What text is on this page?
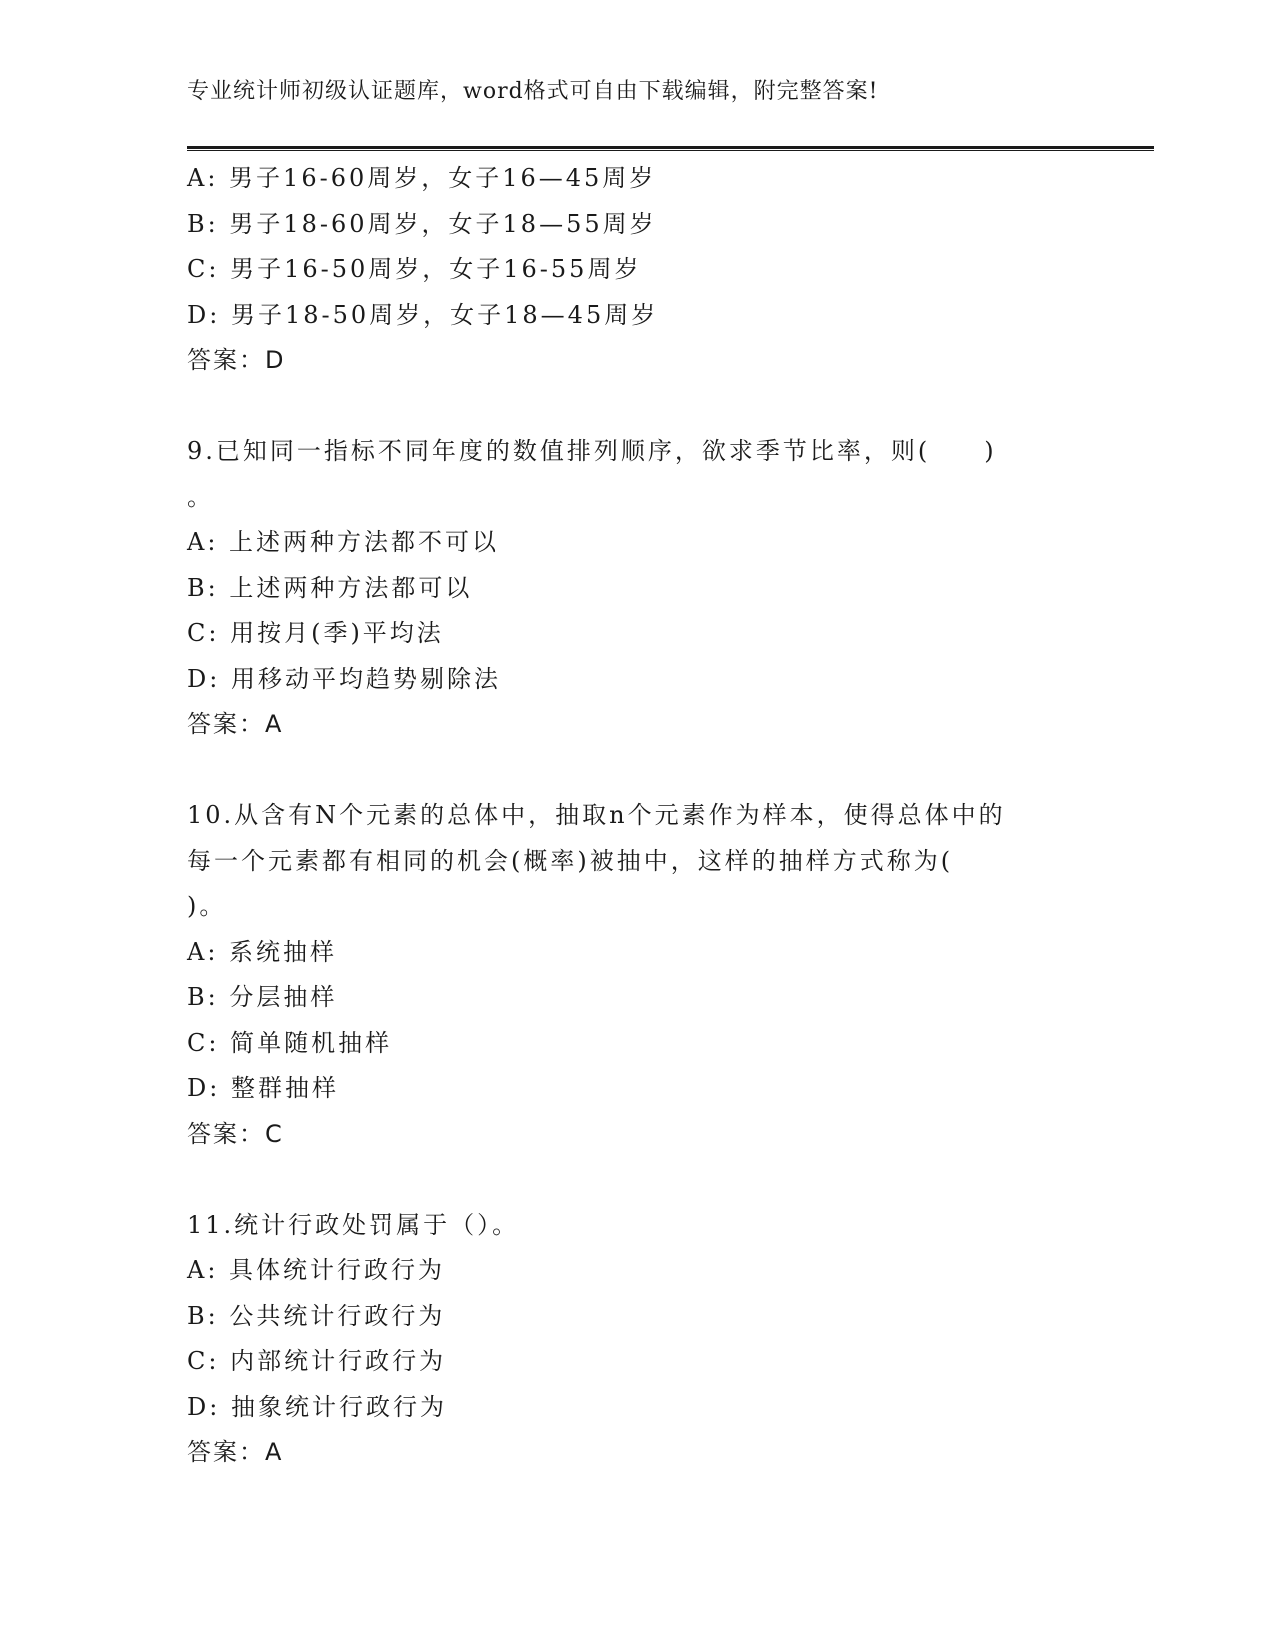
专业统计师初级认证题库，word格式可自由下载编辑，附完整答案!
A: 男子16-60周岁，女子16—45周岁
B: 男子18-60周岁，女子18—55周岁
C: 男子16-50周岁，女子16-55周岁
D: 男子18-50周岁，女子18—45周岁
答案：D
9.已知同一指标不同年度的数值排列顺序，欲求季节比率，则(　　)
。
A: 上述两种方法都不可以
B: 上述两种方法都可以
C: 用按月(季)平均法
D: 用移动平均趋势剔除法
答案：A
10.从含有N个元素的总体中，抽取n个元素作为样本，使得总体中的
每一个元素都有相同的机会(概率)被抽中，这样的抽样方式称为(
)。
A: 系统抽样
B: 分层抽样
C: 简单随机抽样
D: 整群抽样
答案：C
11.统计行政处罚属于（）。
A: 具体统计行政行为
B: 公共统计行政行为
C: 内部统计行政行为
D: 抽象统计行政行为
答案：A
